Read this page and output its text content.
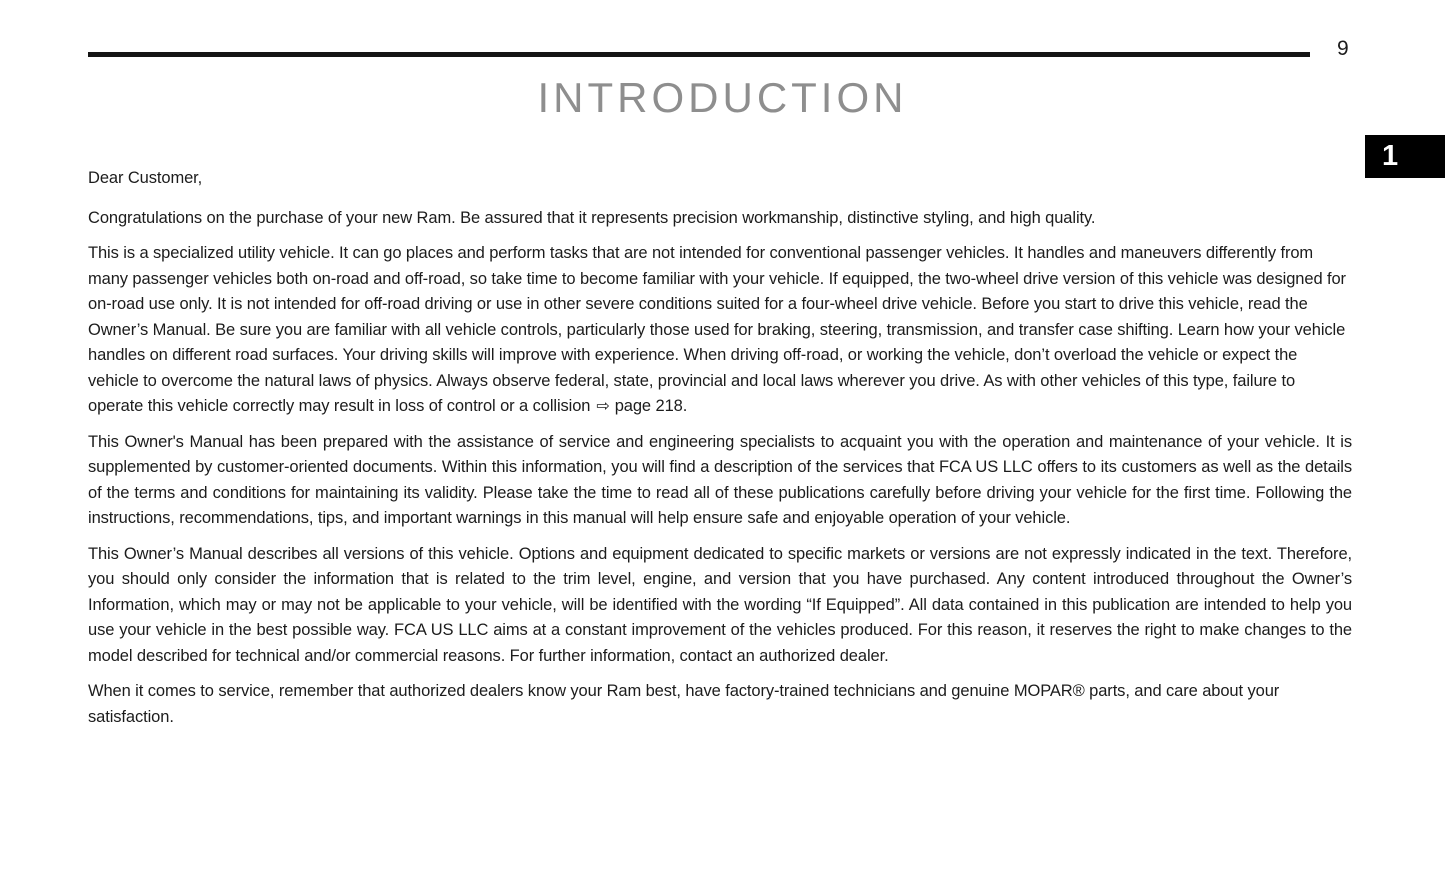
9
INTRODUCTION
1

Dear Customer,

Congratulations on the purchase of your new Ram. Be assured that it represents precision workmanship, distinctive styling, and high quality.

This is a specialized utility vehicle. It can go places and perform tasks that are not intended for conventional passenger vehicles. It handles and maneuvers differently from many passenger vehicles both on-road and off-road, so take time to become familiar with your vehicle. If equipped, the two-wheel drive version of this vehicle was designed for on-road use only. It is not intended for off-road driving or use in other severe conditions suited for a four-wheel drive vehicle. Before you start to drive this vehicle, read the Owner’s Manual. Be sure you are familiar with all vehicle controls, particularly those used for braking, steering, transmission, and transfer case shifting. Learn how your vehicle handles on different road surfaces. Your driving skills will improve with experience. When driving off-road, or working the vehicle, don’t overload the vehicle or expect the vehicle to overcome the natural laws of physics. Always observe federal, state, provincial and local laws wherever you drive. As with other vehicles of this type, failure to operate this vehicle correctly may result in loss of control or a collision ⇨ page 218.

This Owner's Manual has been prepared with the assistance of service and engineering specialists to acquaint you with the operation and maintenance of your vehicle. It is supplemented by customer-oriented documents. Within this information, you will find a description of the services that FCA US LLC offers to its customers as well as the details of the terms and conditions for maintaining its validity. Please take the time to read all of these publications carefully before driving your vehicle for the first time. Following the instructions, recommendations, tips, and important warnings in this manual will help ensure safe and enjoyable operation of your vehicle.

This Owner’s Manual describes all versions of this vehicle. Options and equipment dedicated to specific markets or versions are not expressly indicated in the text. Therefore, you should only consider the information that is related to the trim level, engine, and version that you have purchased. Any content introduced throughout the Owner’s Information, which may or may not be applicable to your vehicle, will be identified with the wording “If Equipped”. All data contained in this publication are intended to help you use your vehicle in the best possible way. FCA US LLC aims at a constant improvement of the vehicles produced. For this reason, it reserves the right to make changes to the model described for technical and/or commercial reasons. For further information, contact an authorized dealer.

When it comes to service, remember that authorized dealers know your Ram best, have factory-trained technicians and genuine MOPAR® parts, and care about your satisfaction.
